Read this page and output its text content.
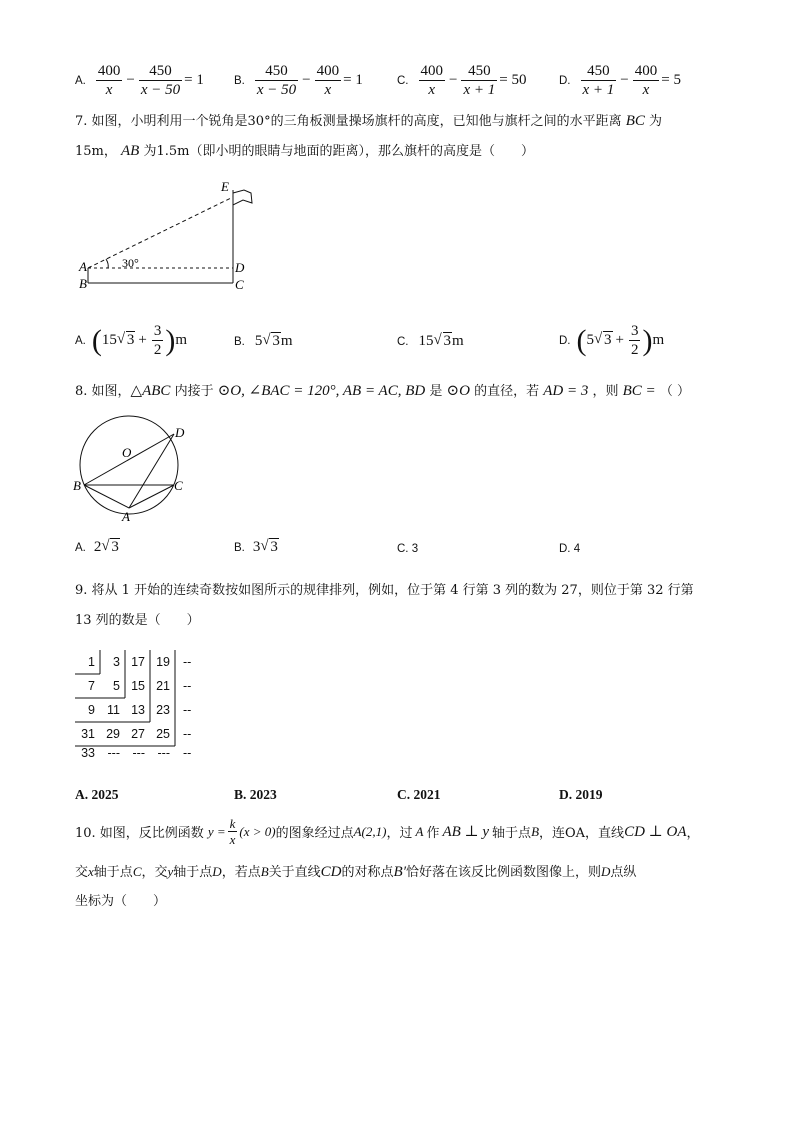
A. $\frac{400}{x} - \frac{450}{x - 50} = 1$	B. $\frac{450}{x - 50} - \frac{400}{x} = 1$	C. $\frac{400}{x} - \frac{450}{x + 1} = 50$	D. $\frac{450}{x + 1} - \frac{400}{x} = 5$
7. 如图，小明利用一个锐角是30°的三角板测量操场旗杆的高度，已知他与旗杆之间的水平距离 BC 为
15m， AB 为1.5m（即小明的眼睛与地面的距离），那么旗杆的高度是（　　）
E
A
B
D
C
30°
A. ( 15 √ $3 + \frac{3}{2}$ ) m	B. 5 √ 3 m	C. 15 √ 3 m	D. ( 5 √ $3 + \frac{3}{2}$ ) m
8. 如图，△ABC 内接于 ⊙O, ∠BAC = 120°, AB = AC, BD 是 ⊙O 的直径，若 AD = 3 ，则 BC = （ ）
O
B	C
D
A
A. 2 √ 3	B. 3 √ 3	C. 3	D. 4
9. 将从 1 开始的连续奇数按如图所示的规律排列，例如，位于第 4 行第 3 列的数为 27，则位于第 32 行第
13 列的数是（　　）
1 3 17 19 --
7 5 15 21 --
9 11 13 23 --
31 29 27 25 --
33 --- --- --- --
A. 2025	B. 2023	C. 2021	D. 2019
10. 如图，反比例函数 $y = \frac{k}{x} (x > 0)$ 的图象经过点 A(2,1) ，过 A 作 AB ⊥ y 轴于点 B ，连OA，直线 CD ⊥ OA ，
交x轴于点C，交y轴于点D，若点B关于直线CD的对称点B′恰好落在该反比例函数图像上，则D点纵
坐标为（　　）
